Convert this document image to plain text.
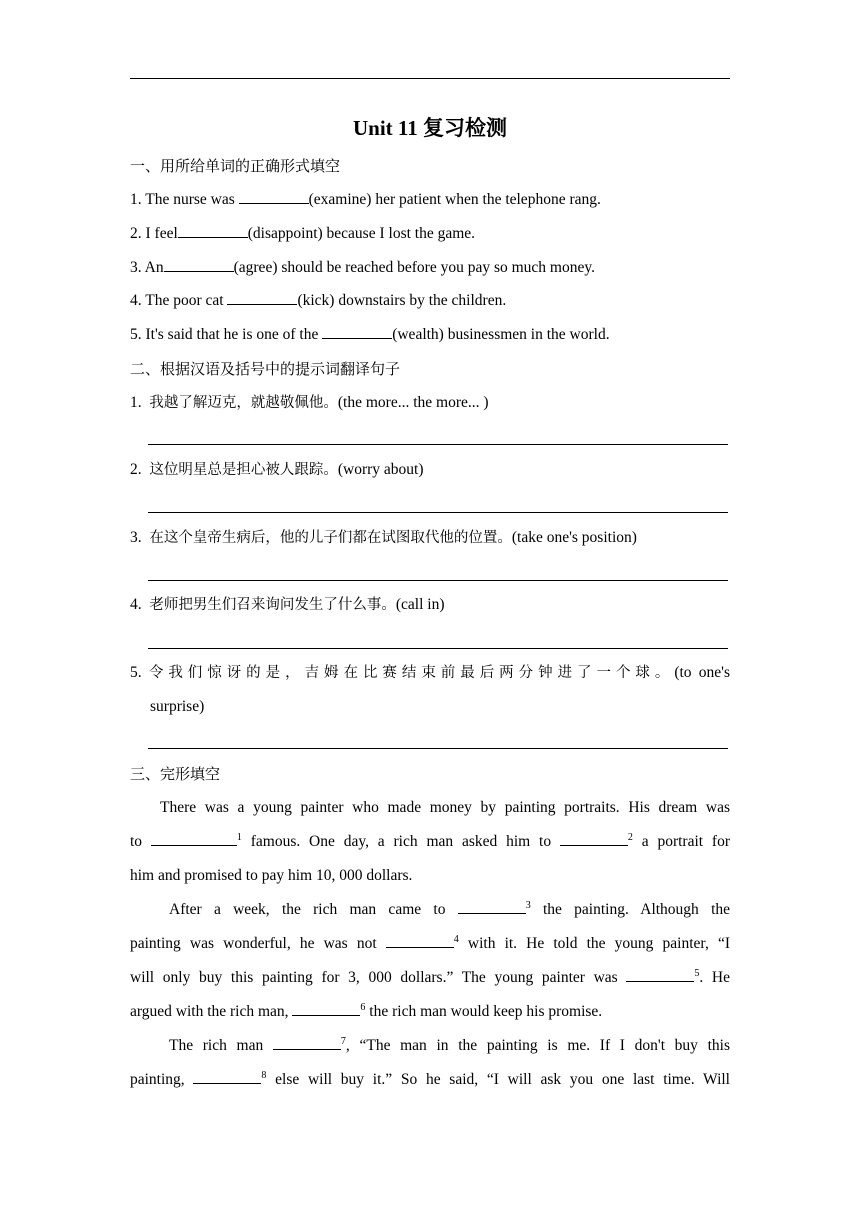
Unit 11 复习检测
一、用所给单词的正确形式填空
1. The nurse was	(examine) her patient when the telephone rang.
2. I feel	(disappoint) because I lost the game.
3. An	(agree) should be reached before you pay so much money.
4. The poor cat	(kick) downstairs by the children.
5. It's said that he is one of the	(wealth) businessmen in the world.
二、根据汉语及括号中的提示词翻译句子
1. 我越了解迈克，就越敬佩他。(the more... the more... )
2. 这位明星总是担心被人跟踪。(worry about)
3. 在这个皇帝生病后，他的儿子们都在试图取代他的位置。(take one's position)
4. 老师把男生们召来询问发生了什么事。(call in)
5. 令我们惊讶的是，吉姆在比赛结束前最后两分钟进了一个球。(to one's
surprise)
三、完形填空
There was a young painter who made money by painting portraits. His dream was
to	$^1$ famous. One day, a rich man asked him to	$^2$ a portrait for
him and promised to pay him 10, 000 dollars.
After a week, the rich man came to	$^3$ the painting. Although the
painting was wonderful, he was not	$^4$ with it. He told the young painter, “I
will only buy this painting for 3, 000 dollars.” The young painter was	$^5$. He
argued with the rich man,	$^6$ the rich man would keep his promise.
The rich man	$^7$, “The man in the painting is me. If I don't buy this
painting,	$^8$ else will buy it.” So he said, “I will ask you one last time. Will
